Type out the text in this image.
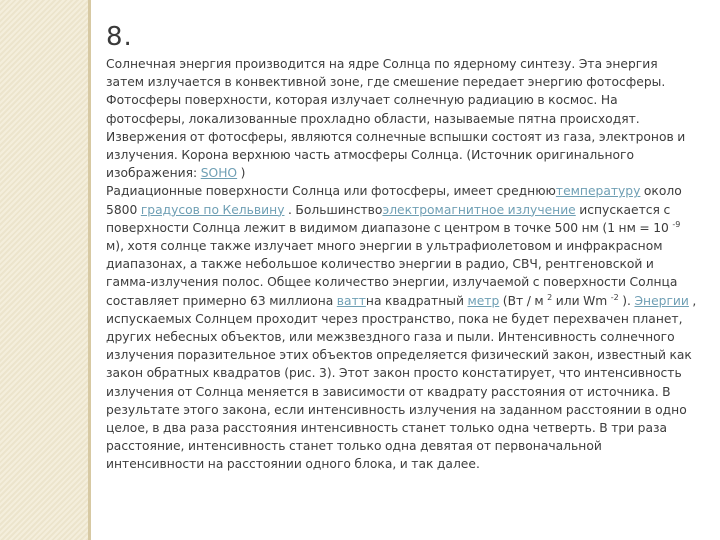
8.

Солнечная энергия производится на ядре Солнца по ядерному синтезу. Эта энергия затем излучается в конвективной зоне, где смешение передает энергию фотосферы. Фотосферы поверхности, которая излучает солнечную радиацию в космос. На фотосферы, локализованные прохладно области, называемые пятна происходят. Извержения от фотосферы, являются солнечные вспышки состоят из газа, электронов и излучения. Корона верхнюю часть атмосферы Солнца. (Источник оригинального изображения: SOHO )

Радиационные поверхности Солнца или фотосферы, имеет среднюютемпературу около 5800 градусов по Кельвину . Большинствоэлектромагнитное излучение испускается с поверхности Солнца лежит в видимом диапазоне с центром в точке 500 нм (1 нм = 10 $^{-9}$ м), хотя солнце также излучает много энергии в ультрафиолетовом и инфракрасном диапазонах, а также небольшое количество энергии в радио, СВЧ, рентгеновской и гамма-излучения полос. Общее количество энергии, излучаемой с поверхности Солнца составляет примерно 63 миллиона ваттна квадратный метр (Вт / м $^2$ или Wm $^{-2}$ ). Энергии , испускаемых Солнцем проходит через пространство, пока не будет перехвачен планет, других небесных объектов, или межзвездного газа и пыли. Интенсивность солнечного излучения поразительное этих объектов определяется физический закон, известный как закон обратных квадратов (рис. 3). Этот закон просто констатирует, что интенсивность излучения от Солнца меняется в зависимости от квадрату расстояния от источника. В результате этого закона, если интенсивность излучения на заданном расстоянии в одно целое, в два раза расстояния интенсивность станет только одна четверть. В три раза расстояние, интенсивность станет только одна девятая от первоначальной интенсивности на расстоянии одного блока, и так далее.
